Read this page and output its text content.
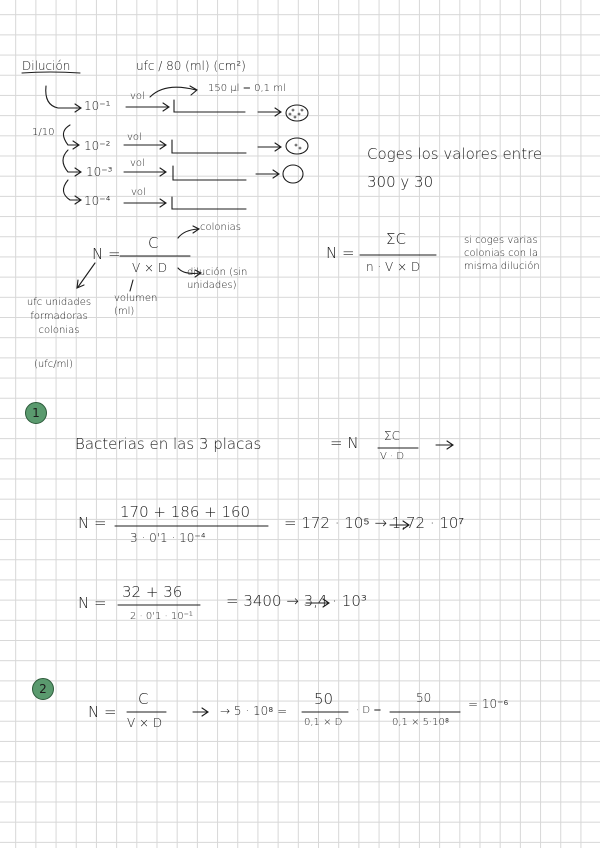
Dilución	ufc / 80 (ml) (cm²)
1/10
10⁻¹
10⁻²
10⁻³
10⁻⁴
vol
vol
vol
vol
150 µl = 0,1 ml
Coges los valores entre 300 y 30
N =
C
V × D
colonias
dilución (sin unidades)
volumen (ml)
ufc unidades formadoras colonias
(ufc/ml)
N =
ΣC
n · V × D
si coges varias colonias con la misma dilución
1
Bacterias en las 3 placas	= N ΣC
V · D
N =
170 + 186 + 160
3 · 0'1 · 10⁻⁴
= 172 · 10⁵ → 1,72 · 10⁷
N =
32 + 36
2 · 0'1 · 10⁻¹
= 3400 → 3,4 · 10³
2
N =
C
V × D
→ 5 · 10⁸ =
50
0,1 × D
· D =
50
0,1 × 5·10⁸
= 10⁻⁶
